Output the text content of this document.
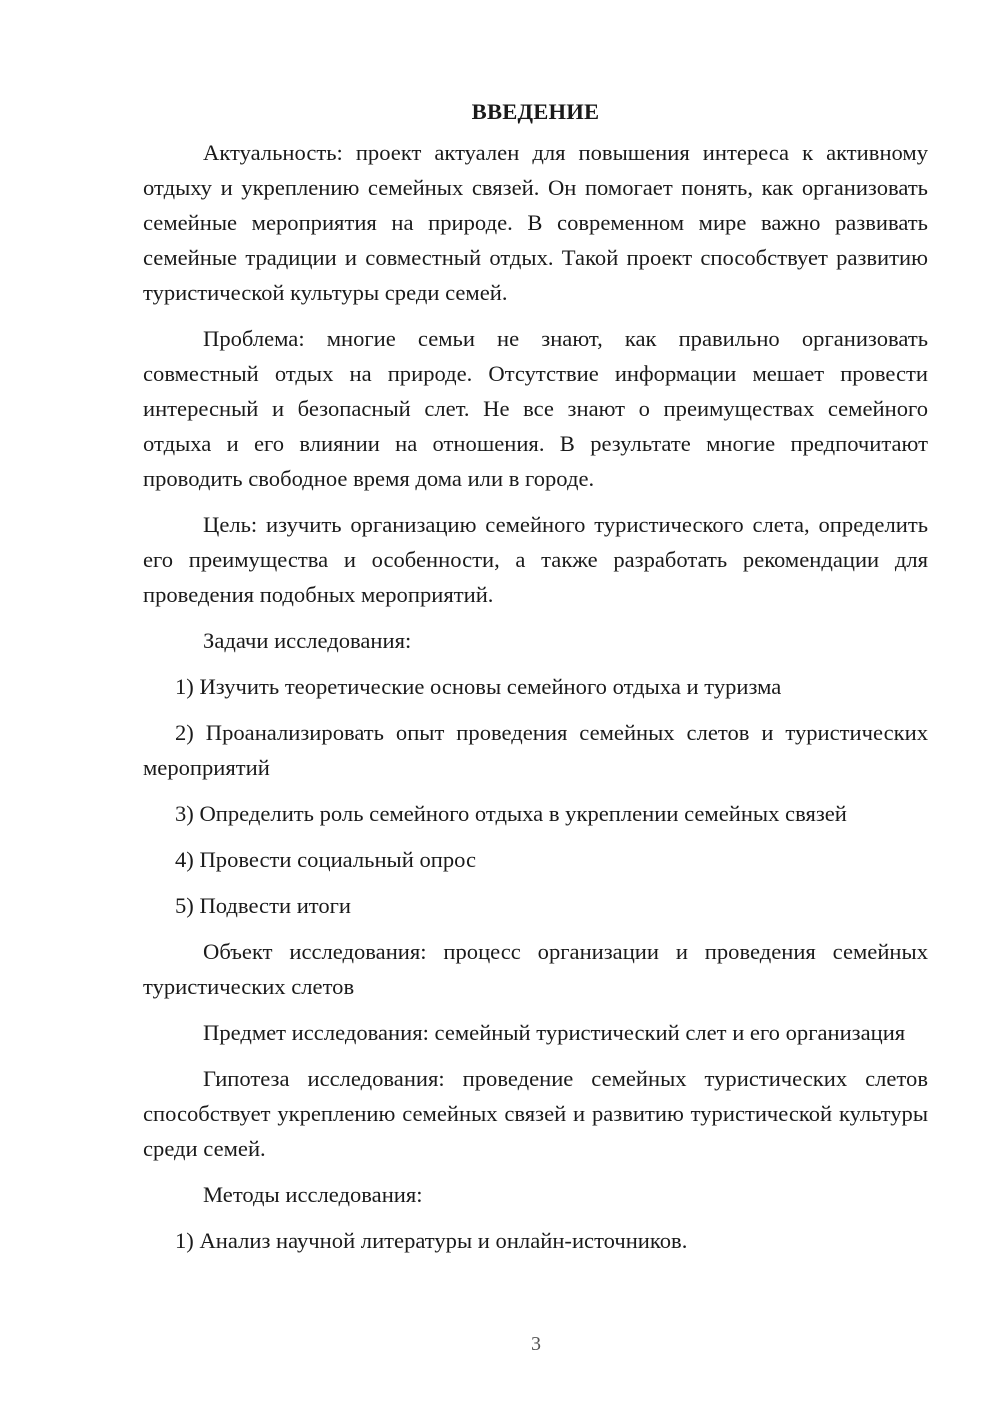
ВВЕДЕНИЕ

Актуальность: проект актуален для повышения интереса к активному отдыху и укреплению семейных связей. Он помогает понять, как организовать семейные мероприятия на природе. В современном мире важно развивать семейные традиции и совместный отдых. Такой проект способствует развитию туристической культуры среди семей.

Проблема: многие семьи не знают, как правильно организовать совместный отдых на природе. Отсутствие информации мешает провести интересный и безопасный слет. Не все знают о преимуществах семейного отдыха и его влиянии на отношения. В результате многие предпочитают проводить свободное время дома или в городе.

Цель: изучить организацию семейного туристического слета, определить его преимущества и особенности, а также разработать рекомендации для проведения подобных мероприятий.

Задачи исследования:

1) Изучить теоретические основы семейного отдыха и туризма

2) Проанализировать опыт проведения семейных слетов и туристических мероприятий

3) Определить роль семейного отдыха в укреплении семейных связей

4) Провести социальный опрос

5) Подвести итоги

Объект исследования: процесс организации и проведения семейных туристических слетов

Предмет исследования: семейный туристический слет и его организация

Гипотеза исследования: проведение семейных туристических слетов способствует укреплению семейных связей и развитию туристической культуры среди семей.

Методы исследования:

1) Анализ научной литературы и онлайн-источников.

3
